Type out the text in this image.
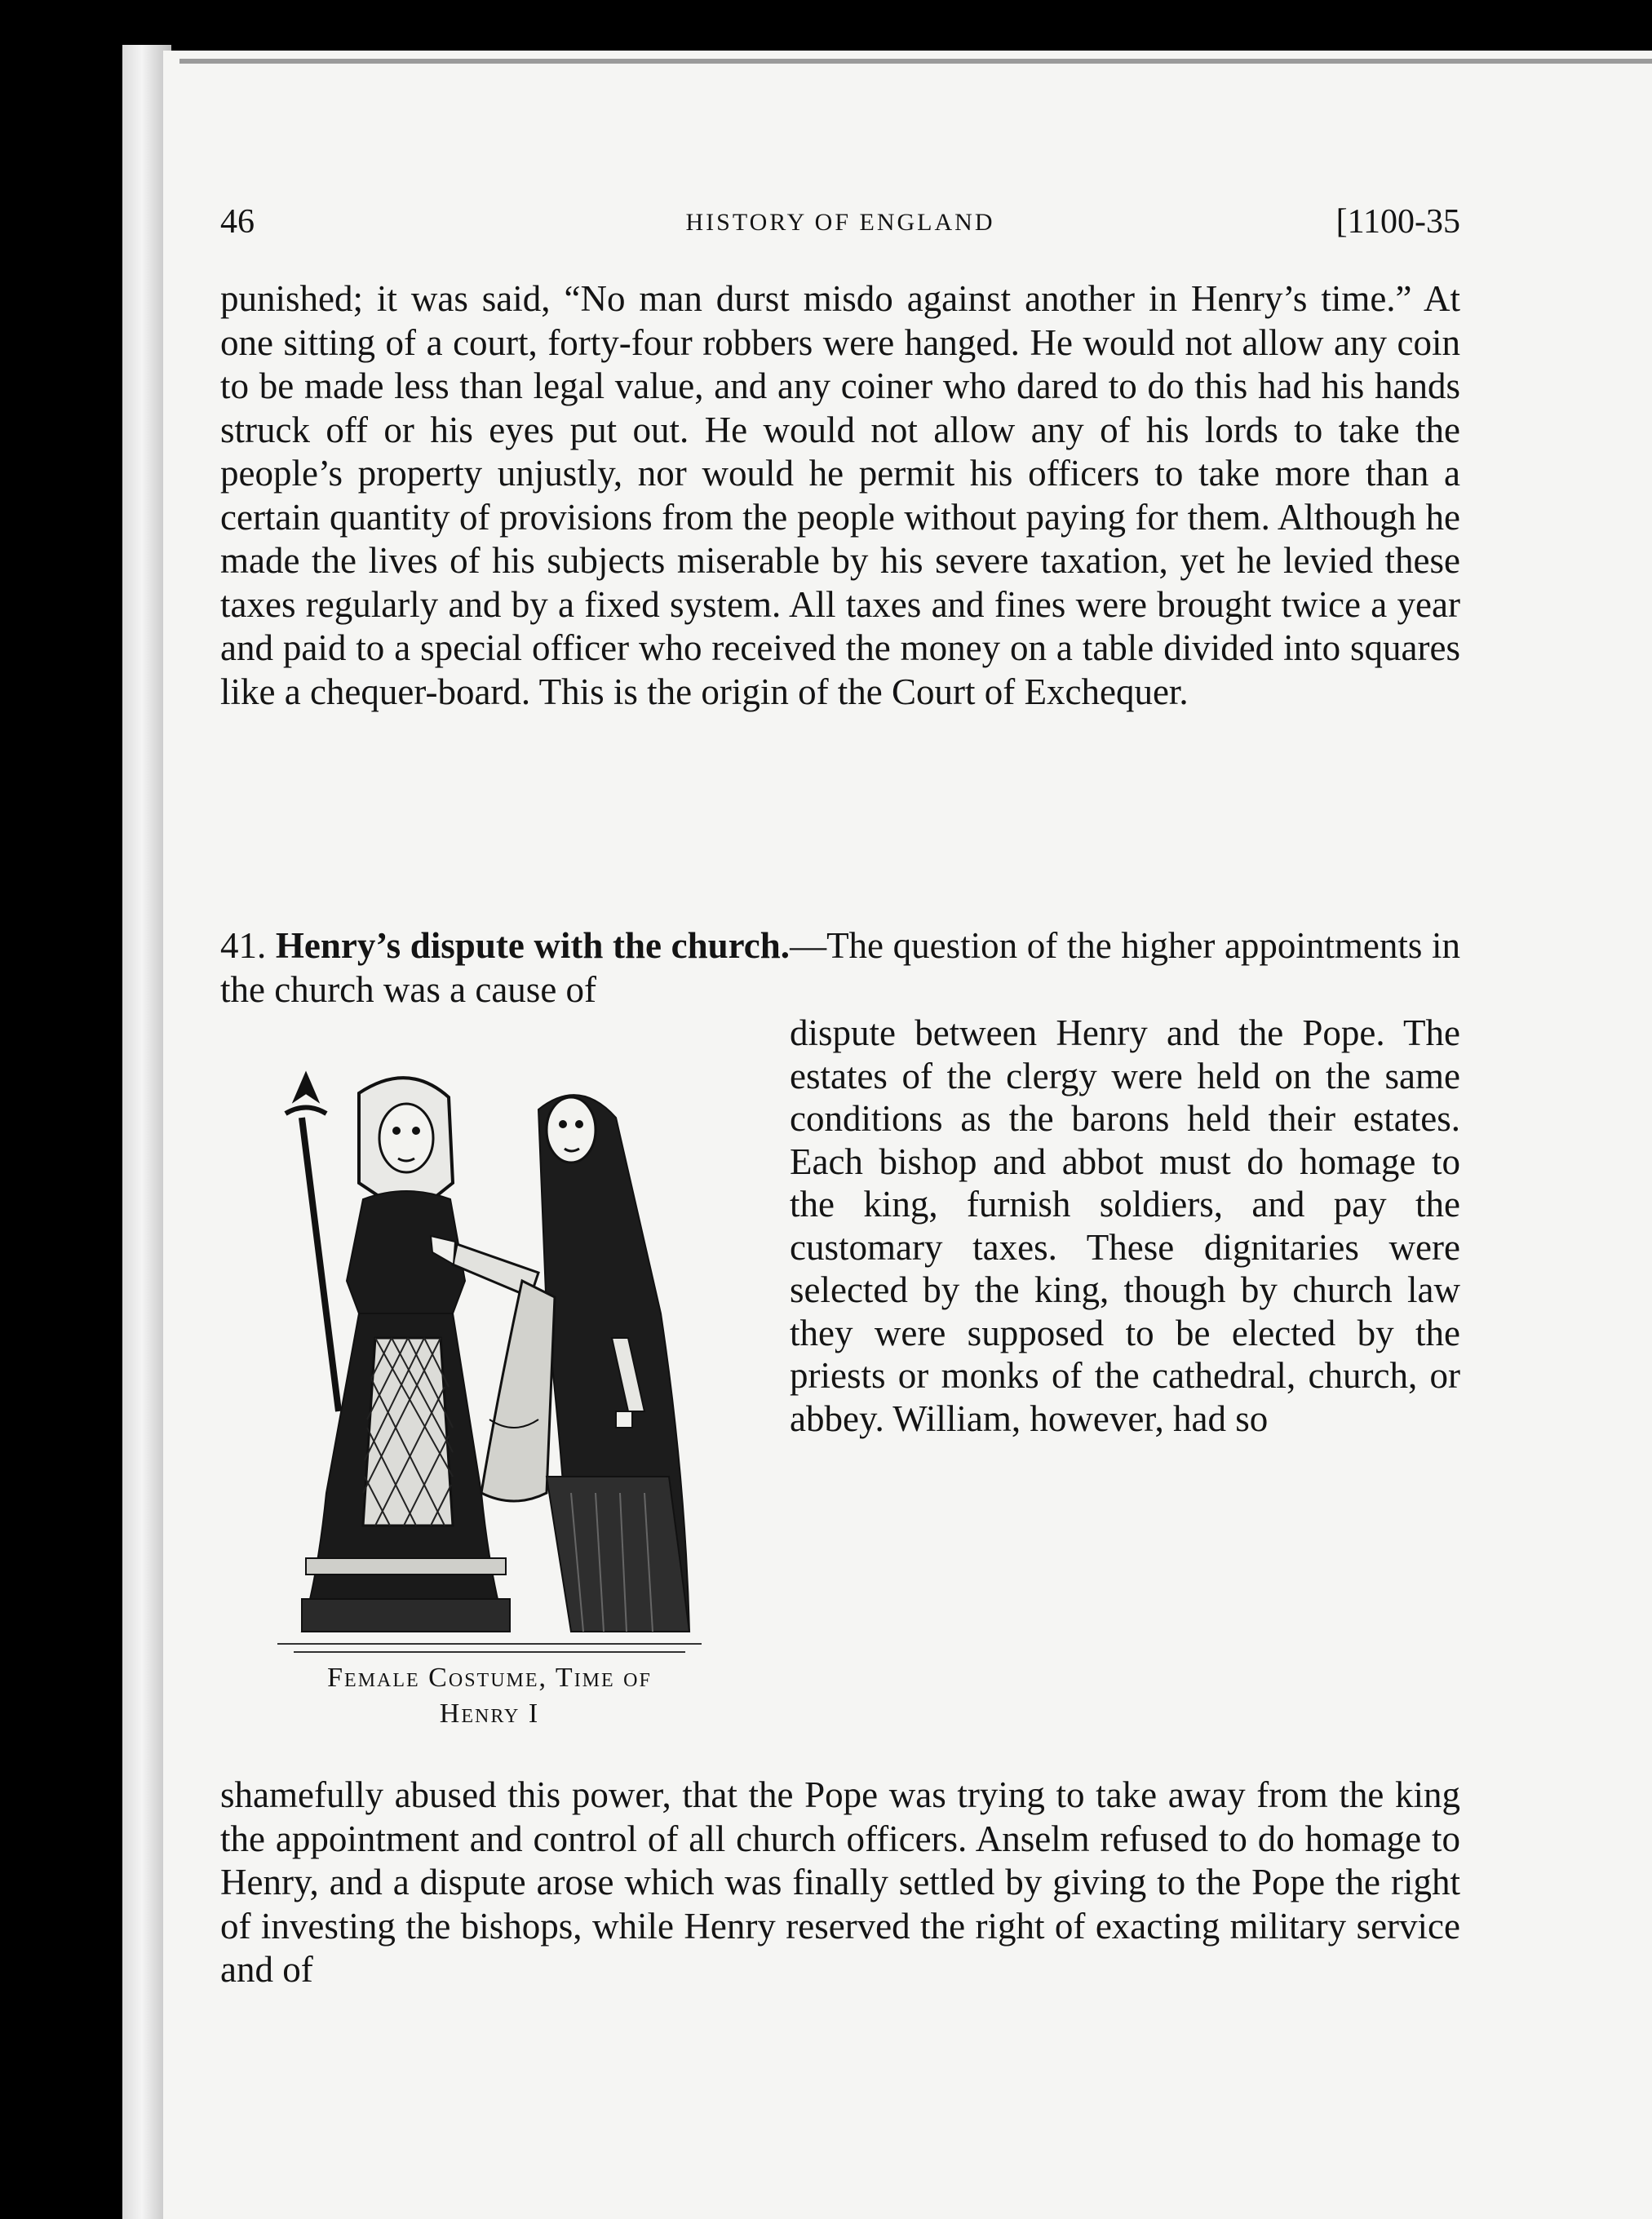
46	HISTORY OF ENGLAND	[1100-35

punished; it was said, “No man durst misdo against another in Henry’s time.” At one sitting of a court, forty-four robbers were hanged. He would not allow any coin to be made less than legal value, and any coiner who dared to do this had his hands struck off or his eyes put out. He would not allow any of his lords to take the people’s property unjustly, nor would he permit his officers to take more than a certain quantity of provisions from the people without paying for them. Although he made the lives of his subjects miserable by his severe taxation, yet he levied these taxes regularly and by a fixed system. All taxes and fines were brought twice a year and paid to a special officer who received the money on a table divided into squares like a chequer-board. This is the origin of the Court of Exchequer.

41. Henry’s dispute with the church.—The question of the higher appointments in the church was a cause of

Female Costume, Time of
Henry I

dispute between Henry and the Pope. The estates of the clergy were held on the same conditions as the barons held their estates. Each bishop and abbot must do homage to the king, furnish soldiers, and pay the customary taxes. These dignitaries were selected by the king, though by church law they were supposed to be elected by the priests or monks of the cathedral, church, or abbey. William, however, had so

shamefully abused this power, that the Pope was trying to take away from the king the appointment and control of all church officers. Anselm refused to do homage to Henry, and a dispute arose which was finally settled by giving to the Pope the right of investing the bishops, while Henry reserved the right of exacting military service and of
